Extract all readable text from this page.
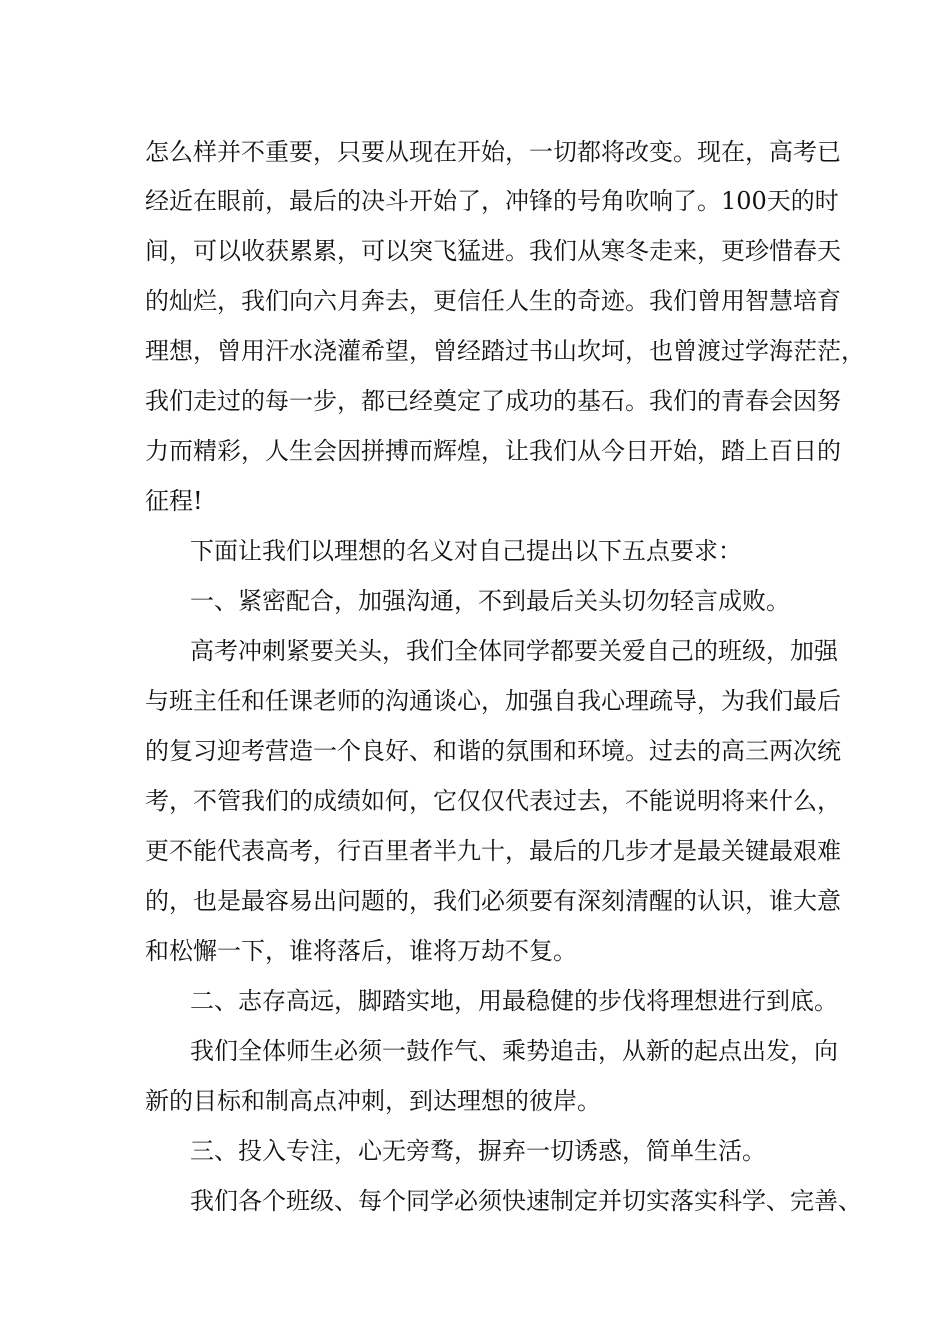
怎么样并不重要，只要从现在开始，一切都将改变。现在，高考已
经近在眼前，最后的决斗开始了，冲锋的号角吹响了。100天的时
间，可以收获累累，可以突飞猛进。我们从寒冬走来，更珍惜春天
的灿烂，我们向六月奔去，更信任人生的奇迹。我们曾用智慧培育
理想，曾用汗水浇灌希望，曾经踏过书山坎坷，也曾渡过学海茫茫，
我们走过的每一步，都已经奠定了成功的基石。我们的青春会因努
力而精彩，人生会因拼搏而辉煌，让我们从今日开始，踏上百日的
征程!
下面让我们以理想的名义对自己提出以下五点要求：
一、紧密配合，加强沟通，不到最后关头切勿轻言成败。
高考冲刺紧要关头，我们全体同学都要关爱自己的班级，加强
与班主任和任课老师的沟通谈心，加强自我心理疏导，为我们最后
的复习迎考营造一个良好、和谐的氛围和环境。过去的高三两次统
考，不管我们的成绩如何，它仅仅代表过去，不能说明将来什么，
更不能代表高考，行百里者半九十，最后的几步才是最关键最艰难
的，也是最容易出问题的，我们必须要有深刻清醒的认识，谁大意
和松懈一下，谁将落后，谁将万劫不复。
二、志存高远，脚踏实地，用最稳健的步伐将理想进行到底。
我们全体师生必须一鼓作气、乘势追击，从新的起点出发，向
新的目标和制高点冲刺，到达理想的彼岸。
三、投入专注，心无旁骛，摒弃一切诱惑，简单生活。
我们各个班级、每个同学必须快速制定并切实落实科学、完善、
